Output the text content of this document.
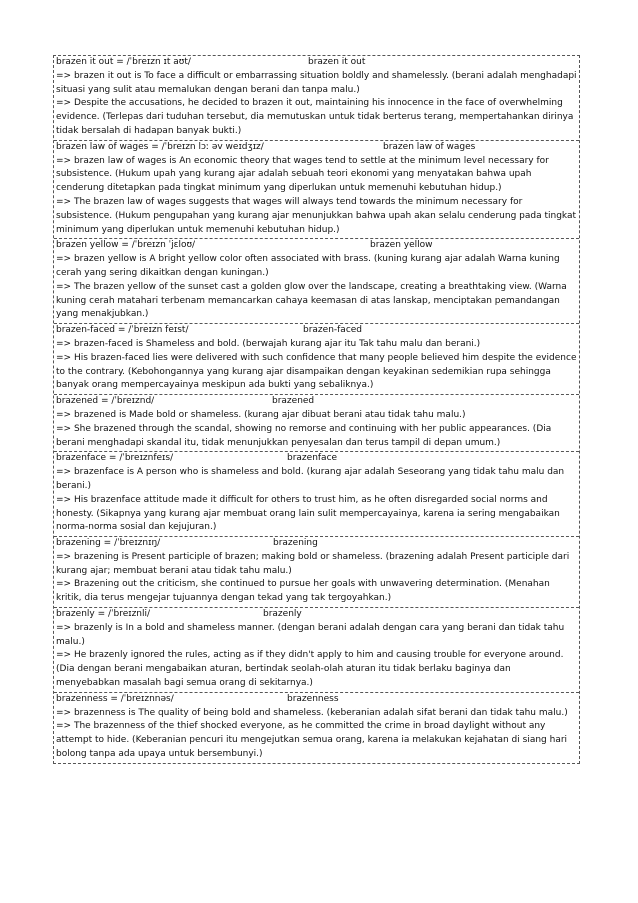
brazen it out = /ˈbreɪzn ɪt aʊt/	brazen it out

=> brazen it out is To face a difficult or embarrassing situation boldly and shamelessly. (berani adalah menghadapi situasi yang sulit atau memalukan dengan berani dan tanpa malu.)

=> Despite the accusations, he decided to brazen it out, maintaining his innocence in the face of overwhelming evidence. (Terlepas dari tuduhan tersebut, dia memutuskan untuk tidak berterus terang, mempertahankan dirinya tidak bersalah di hadapan banyak bukti.)

brazen law of wages = /ˈbreɪzn lɔː əv weɪdʒɪz/	brazen law of wages

=> brazen law of wages is An economic theory that wages tend to settle at the minimum level necessary for subsistence. (Hukum upah yang kurang ajar adalah sebuah teori ekonomi yang menyatakan bahwa upah cenderung ditetapkan pada tingkat minimum yang diperlukan untuk memenuhi kebutuhan hidup.)

=> The brazen law of wages suggests that wages will always tend towards the minimum necessary for subsistence. (Hukum pengupahan yang kurang ajar menunjukkan bahwa upah akan selalu cenderung pada tingkat minimum yang diperlukan untuk memenuhi kebutuhan hidup.)

brazen yellow = /ˈbreɪzn ˈjɛloʊ/	brazen yellow

=> brazen yellow is A bright yellow color often associated with brass. (kuning kurang ajar adalah Warna kuning cerah yang sering dikaitkan dengan kuningan.)

=> The brazen yellow of the sunset cast a golden glow over the landscape, creating a breathtaking view. (Warna kuning cerah matahari terbenam memancarkan cahaya keemasan di atas lanskap, menciptakan pemandangan yang menakjubkan.)

brazen-faced = /ˈbreɪzn feɪst/	brazen-faced

=> brazen-faced is Shameless and bold. (berwajah kurang ajar itu Tak tahu malu dan berani.)

=> His brazen-faced lies were delivered with such confidence that many people believed him despite the evidence to the contrary. (Kebohongannya yang kurang ajar disampaikan dengan keyakinan sedemikian rupa sehingga banyak orang mempercayainya meskipun ada bukti yang sebaliknya.)

brazened = /ˈbreɪznd/	brazened

=> brazened is Made bold or shameless. (kurang ajar dibuat berani atau tidak tahu malu.)

=> She brazened through the scandal, showing no remorse and continuing with her public appearances. (Dia berani menghadapi skandal itu, tidak menunjukkan penyesalan dan terus tampil di depan umum.)

brazenface = /ˈbreɪznfeɪs/	brazenface

=> brazenface is A person who is shameless and bold. (kurang ajar adalah Seseorang yang tidak tahu malu dan berani.)

=> His brazenface attitude made it difficult for others to trust him, as he often disregarded social norms and honesty. (Sikapnya yang kurang ajar membuat orang lain sulit mempercayainya, karena ia sering mengabaikan norma-norma sosial dan kejujuran.)

brazening = /ˈbreɪznɪŋ/	brazening

=> brazening is Present participle of brazen; making bold or shameless. (brazening adalah Present participle dari kurang ajar; membuat berani atau tidak tahu malu.)

=> Brazening out the criticism, she continued to pursue her goals with unwavering determination. (Menahan kritik, dia terus mengejar tujuannya dengan tekad yang tak tergoyahkan.)

brazenly = /ˈbreɪznli/	brazenly

=> brazenly is In a bold and shameless manner. (dengan berani adalah dengan cara yang berani dan tidak tahu malu.)

=> He brazenly ignored the rules, acting as if they didn't apply to him and causing trouble for everyone around. (Dia dengan berani mengabaikan aturan, bertindak seolah-olah aturan itu tidak berlaku baginya dan menyebabkan masalah bagi semua orang di sekitarnya.)

brazenness = /ˈbreɪznnəs/	brazenness

=> brazenness is The quality of being bold and shameless. (keberanian adalah sifat berani dan tidak tahu malu.)

=> The brazenness of the thief shocked everyone, as he committed the crime in broad daylight without any attempt to hide. (Keberanian pencuri itu mengejutkan semua orang, karena ia melakukan kejahatan di siang hari bolong tanpa ada upaya untuk bersembunyi.)
